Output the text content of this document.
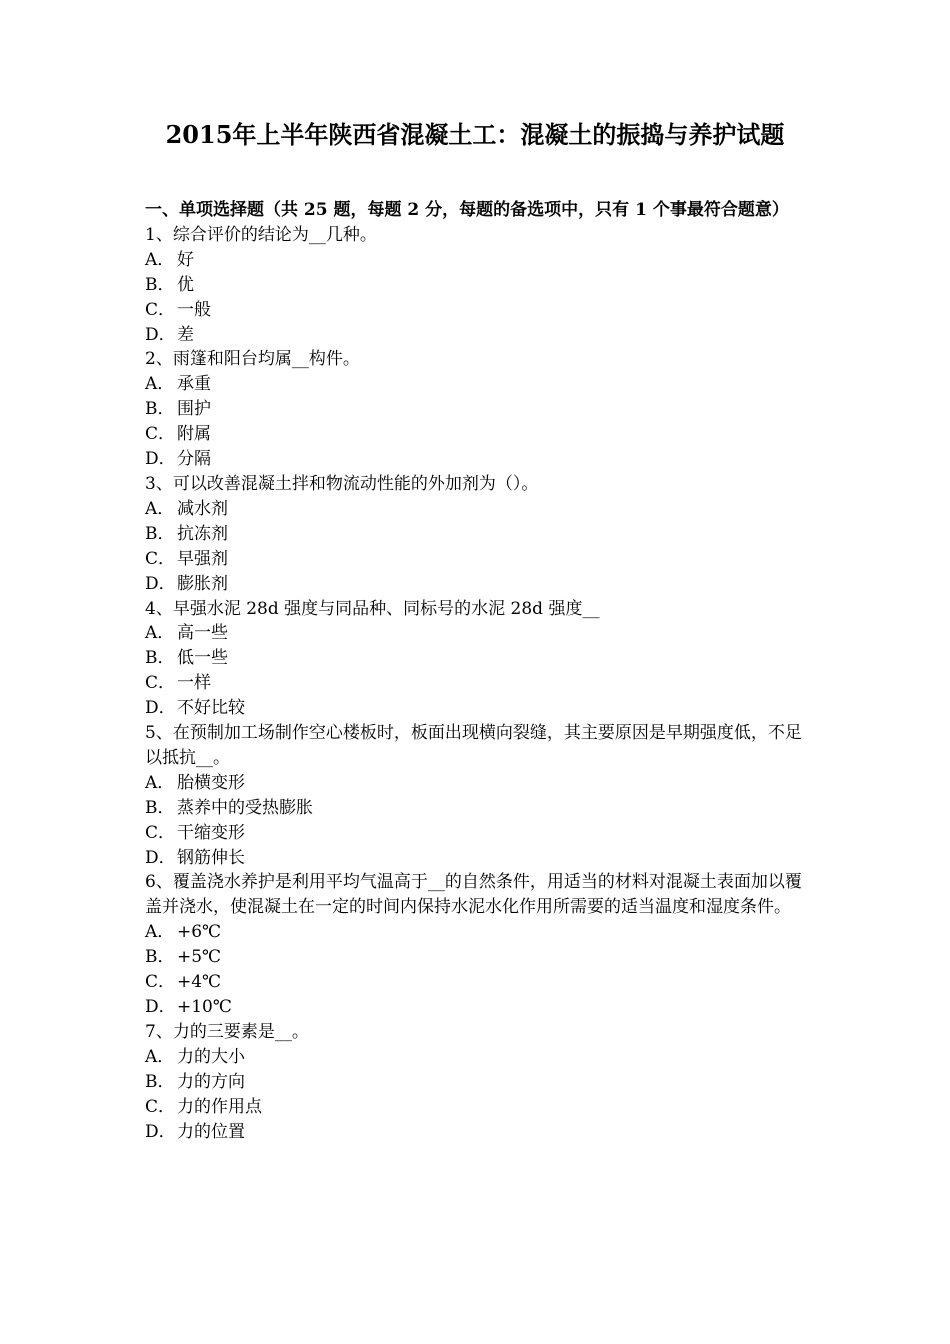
2015年上半年陕西省混凝土工：混凝土的振捣与养护试题

一、单项选择题（共 25 题，每题 2 分，每题的备选项中，只有 1 个事最符合题意）

1、综合评价的结论为__几种。

A． 好
B． 优
C． 一般
D． 差

2、雨篷和阳台均属__构件。

A． 承重
B． 围护
C． 附属
D． 分隔

3、可以改善混凝土拌和物流动性能的外加剂为（）。

A． 减水剂
B． 抗冻剂
C． 早强剂
D． 膨胀剂

4、早强水泥 28d 强度与同品种、同标号的水泥 28d 强度__

A． 高一些
B． 低一些
C． 一样
D． 不好比较

5、在预制加工场制作空心楼板时，板面出现横向裂缝，其主要原因是早期强度低，不足以抵抗__。

A． 胎横变形
B． 蒸养中的受热膨胀
C． 干缩变形
D． 钢筋伸长

6、覆盖浇水养护是利用平均气温高于__的自然条件，用适当的材料对混凝土表面加以覆盖并浇水，使混凝土在一定的时间内保持水泥水化作用所需要的适当温度和湿度条件。

A． +6℃
B． +5℃
C． +4℃
D． +10℃

7、力的三要素是__。

A． 力的大小
B． 力的方向
C． 力的作用点
D． 力的位置
